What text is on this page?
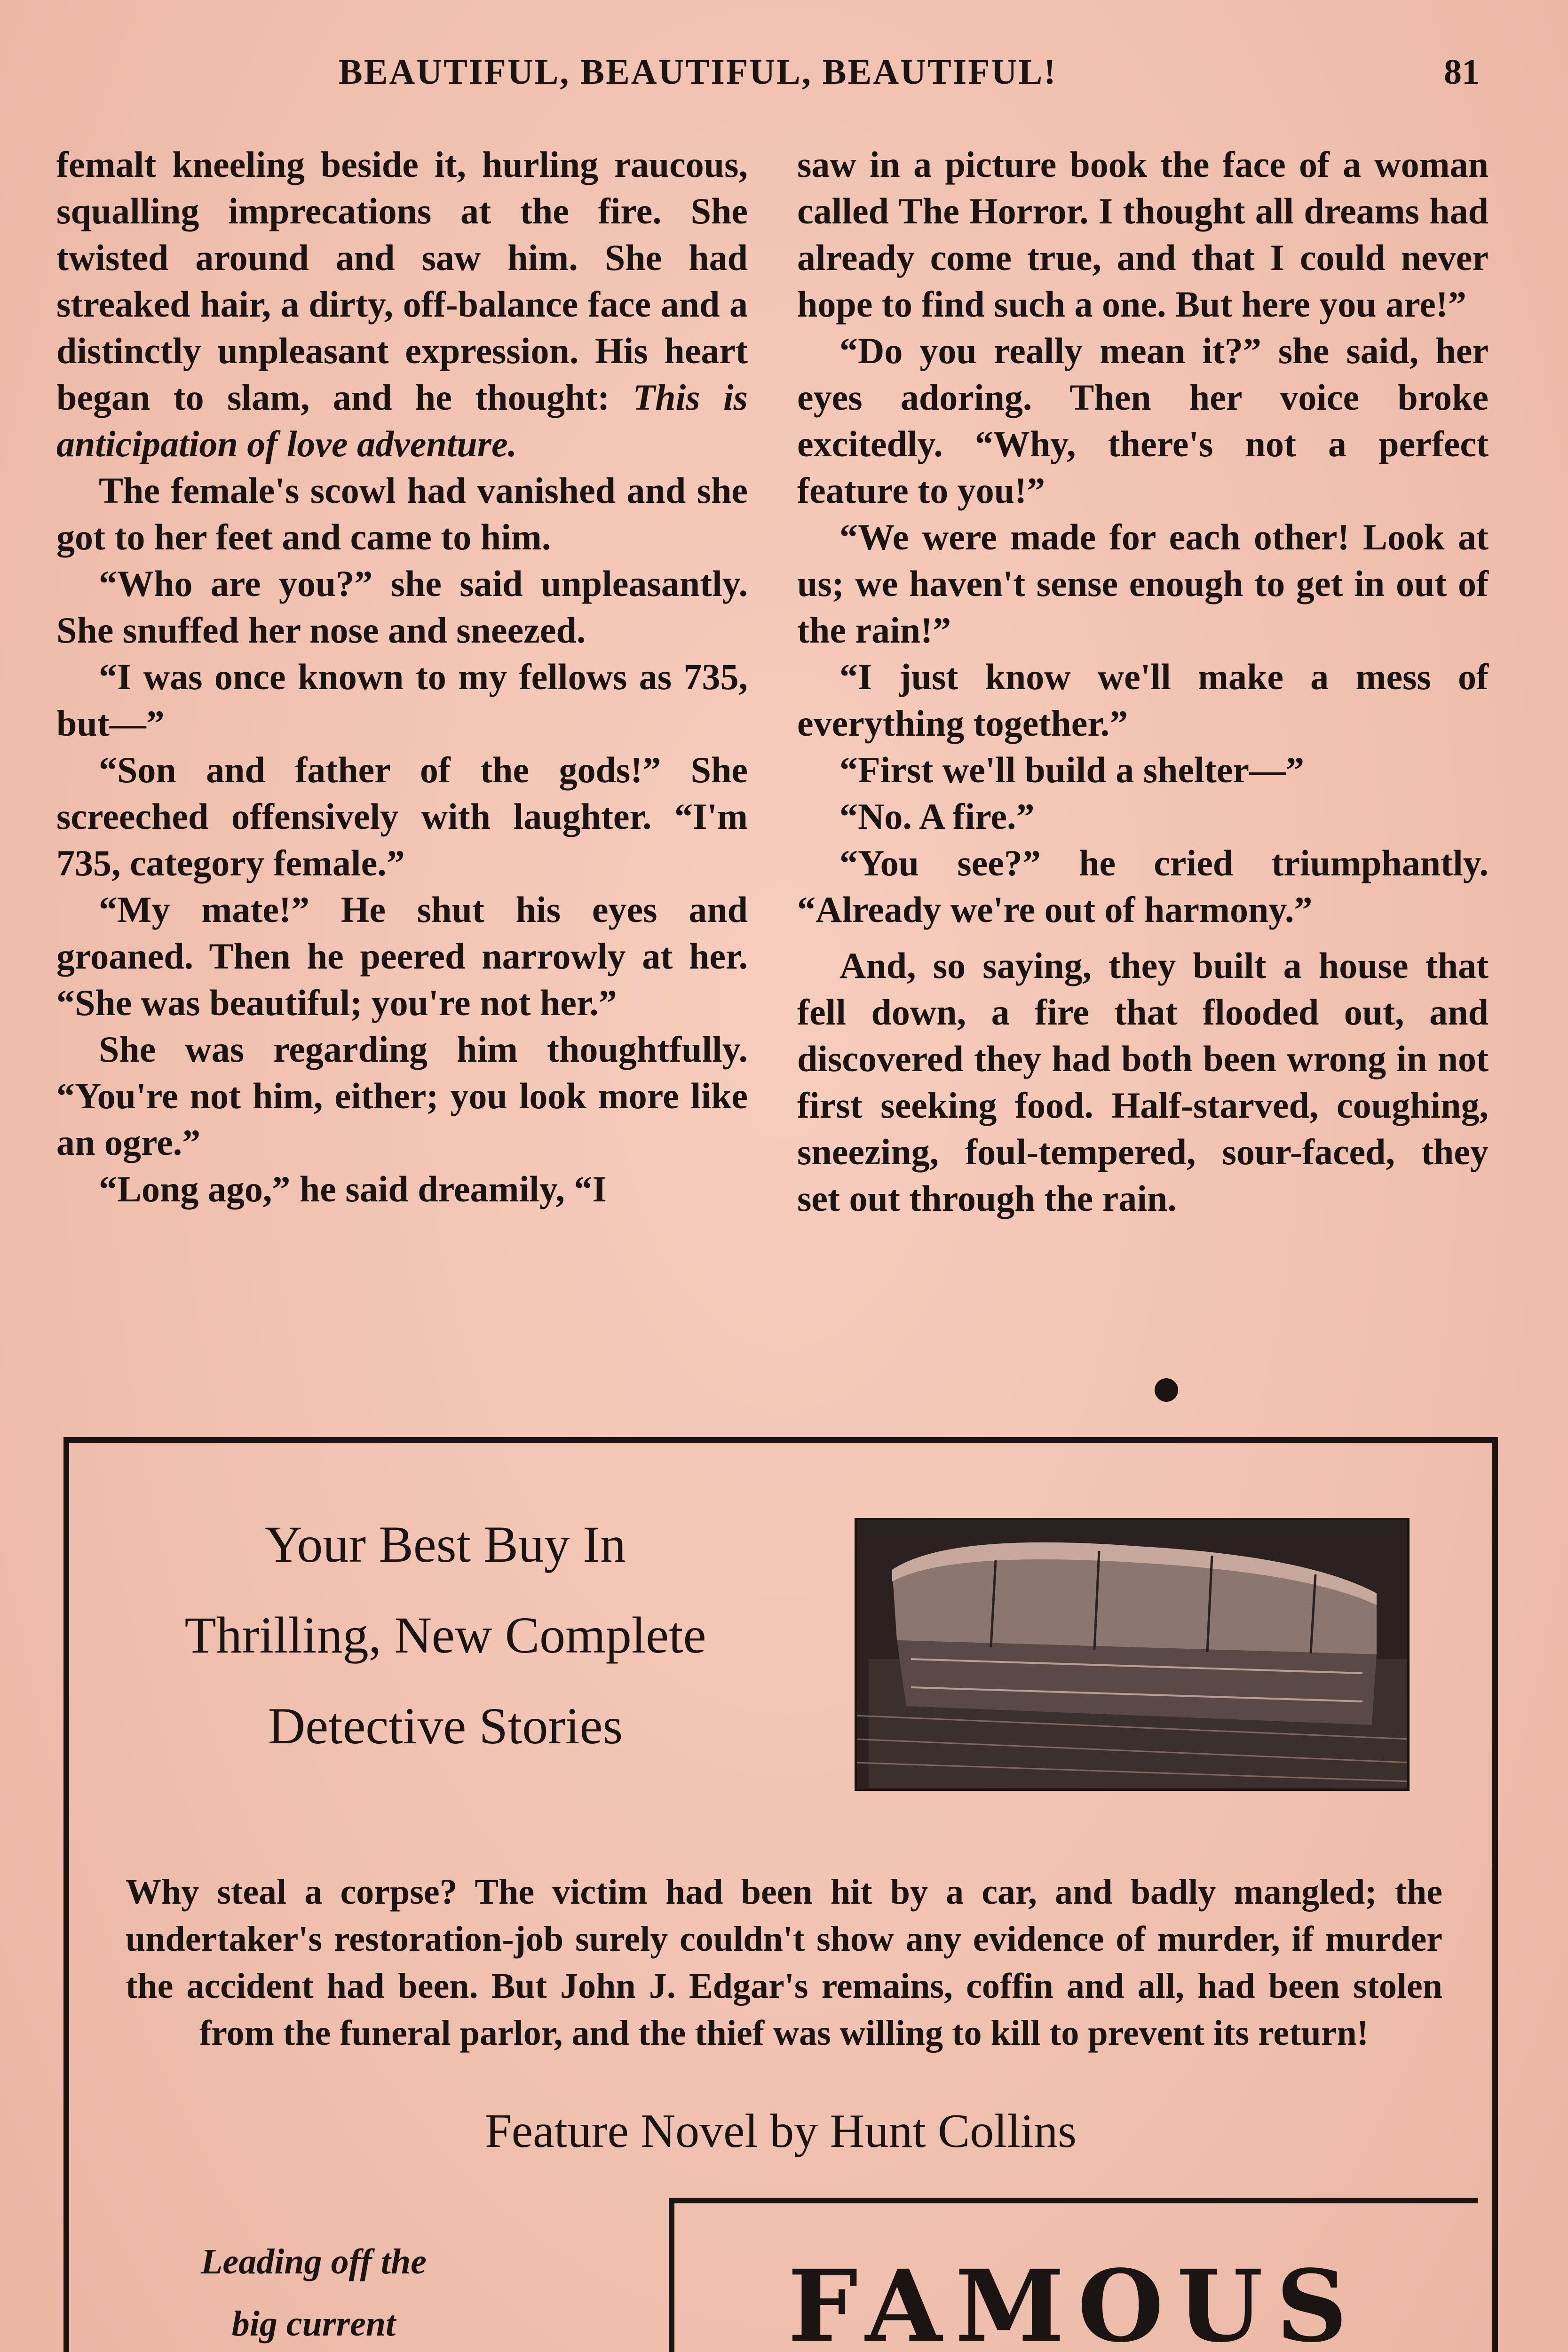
BEAUTIFUL, BEAUTIFUL, BEAUTIFUL!	81

femalt kneeling beside it, hurling raucous, squalling imprecations at the fire. She twisted around and saw him. She had streaked hair, a dirty, off-balance face and a distinctly unpleasant expression. His heart began to slam, and he thought: This is anticipation of love adventure.

The female's scowl had vanished and she got to her feet and came to him.

“Who are you?” she said unpleasantly. She snuffed her nose and sneezed.

“I was once known to my fellows as 735, but—”

“Son and father of the gods!” She screeched offensively with laughter. “I'm 735, category female.”

“My mate!” He shut his eyes and groaned. Then he peered narrowly at her. “She was beautiful; you're not her.”

She was regarding him thoughtfully. “You're not him, either; you look more like an ogre.”

“Long ago,” he said dreamily, “I

saw in a picture book the face of a woman called The Horror. I thought all dreams had already come true, and that I could never hope to find such a one. But here you are!”

“Do you really mean it?” she said, her eyes adoring. Then her voice broke excitedly. “Why, there's not a perfect feature to you!”

“We were made for each other! Look at us; we haven't sense enough to get in out of the rain!”

“I just know we'll make a mess of everything together.”

“First we'll build a shelter—”

“No. A fire.”

“You see?” he cried triumphantly. “Already we're out of harmony.”

And, so saying, they built a house that fell down, a fire that flooded out, and discovered they had both been wrong in not first seeking food. Half-starved, coughing, sneezing, foul-tempered, sour-faced, they set out through the rain.

Your Best Buy In
Thrilling, New Complete
Detective Stories
Why steal a corpse? The victim had been hit by a car, and badly mangled; the undertaker's restoration-job surely couldn't show any evidence of murder, if murder the accident had been. But John J. Edgar's remains, coffin and all, had been stolen from the funeral parlor, and the thief was willing to kill to prevent its return!
Feature Novel by Hunt Collins
Leading off the
big current	FAMOUS
